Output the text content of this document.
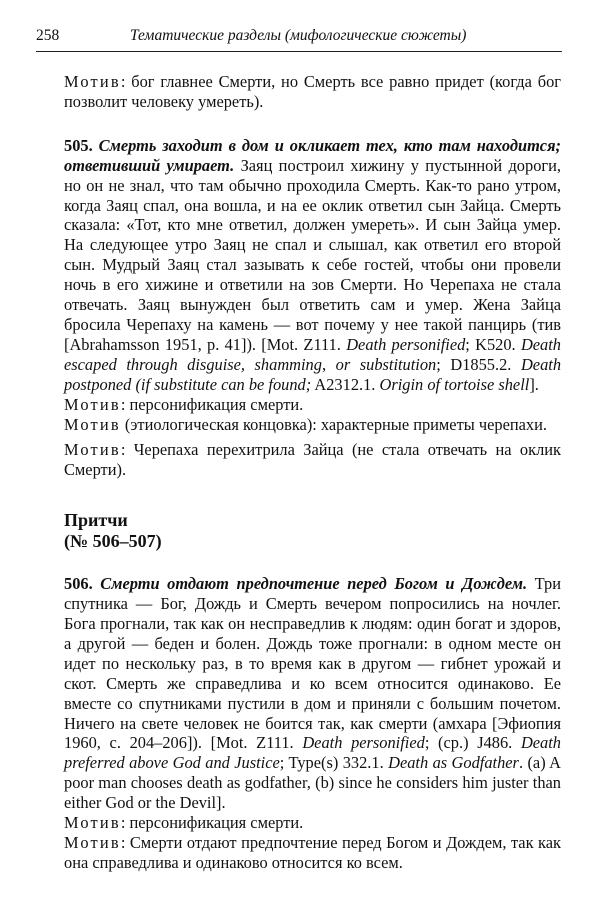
258	Тематические разделы (мифологические сюжеты)

Мотив: бог главнее Смерти, но Смерть все равно придет (когда бог позволит человеку умереть).

505. Смерть заходит в дом и окликает тех, кто там находится; ответивший умирает. Заяц построил хижину у пустынной дороги, но он не знал, что там обычно проходила Смерть. Как-то рано утром, когда Заяц спал, она вошла, и на ее оклик ответил сын Зайца. Смерть сказала: «Тот, кто мне ответил, должен умереть». И сын Зайца умер. На следующее утро Заяц не спал и слышал, как ответил его второй сын. Мудрый Заяц стал зазывать к себе гостей, чтобы они провели ночь в его хижине и ответили на зов Смерти. Но Черепаха не стала отвечать. Заяц вынужден был ответить сам и умер. Жена Зайца бросила Черепаху на камень — вот почему у нее такой панцирь (тив [Abrahamsson 1951, p. 41]). [Mot. Z111. Death personified; K520. Death escaped through disguise, shamming, or substitution; D1855.2. Death postponed (if substitute can be found; A2312.1. Origin of tortoise shell].

Мотив: персонификация смерти.

Мотив (этиологическая концовка): характерные приметы черепахи.

Мотив: Черепаха перехитрила Зайца (не стала отвечать на оклик Смерти).

Притчи

(№ 506–507)

506. Смерти отдают предпочтение перед Богом и Дождем. Три спутника — Бог, Дождь и Смерть вечером попросились на ночлег. Бога прогнали, так как он несправедлив к людям: один богат и здоров, а другой — беден и болен. Дождь тоже прогнали: в одном месте он идет по нескольку раз, в то время как в другом — гибнет урожай и скот. Смерть же справедлива и ко всем относится одинаково. Ее вместе со спутниками пустили в дом и приняли с большим почетом. Ничего на свете человек не боится так, как смерти (амхара [Эфиопия 1960, с. 204–206]). [Mot. Z111. Death personified; (cp.) J486. Death preferred above God and Justice; Type(s) 332.1. Death as Godfather. (a) A poor man chooses death as godfather, (b) since he considers him juster than either God or the Devil].

Мотив: персонификация смерти.

Мотив: Смерти отдают предпочтение перед Богом и Дождем, так как она справедлива и одинаково относится ко всем.
